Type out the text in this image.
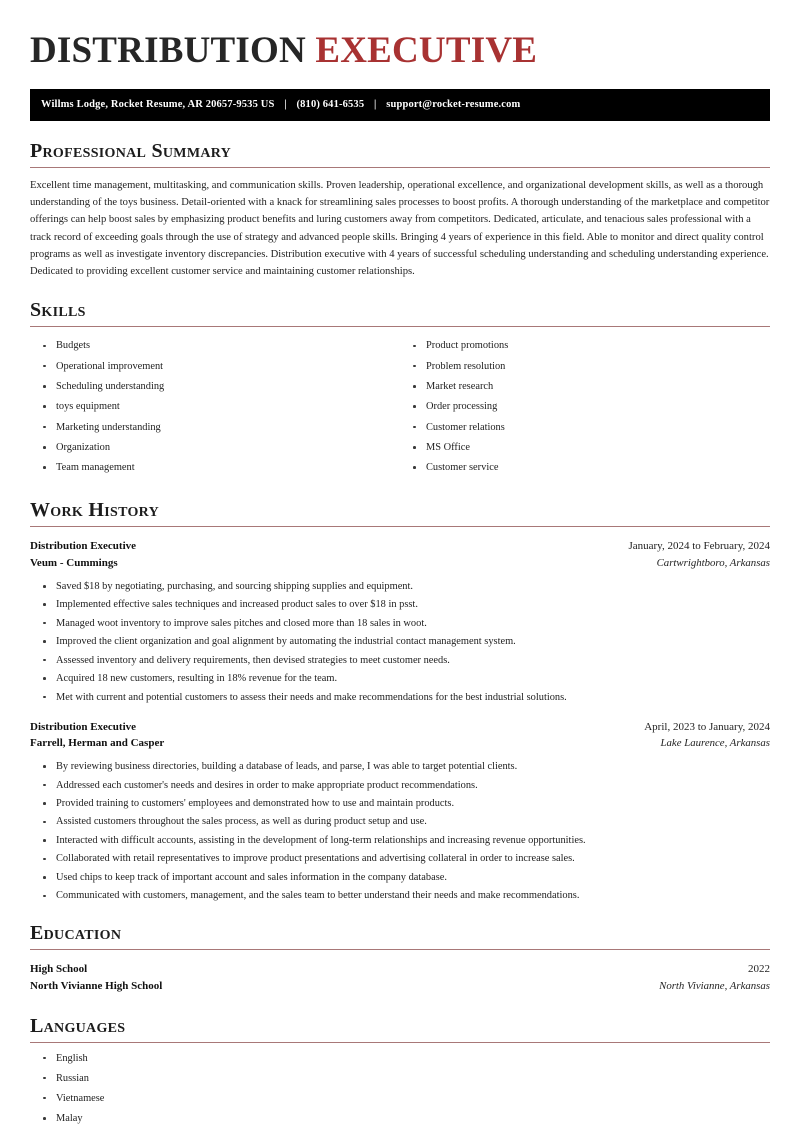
DISTRIBUTION EXECUTIVE
Willms Lodge, Rocket Resume, AR 20657-9535 US | (810) 641-6535 | support@rocket-resume.com
Professional Summary

Excellent time management, multitasking, and communication skills. Proven leadership, operational excellence, and organizational development skills, as well as a thorough understanding of the toys business. Detail-oriented with a knack for streamlining sales processes to boost profits. A thorough understanding of the marketplace and competitor offerings can help boost sales by emphasizing product benefits and luring customers away from competitors. Dedicated, articulate, and tenacious sales professional with a track record of exceeding goals through the use of strategy and advanced people skills. Bringing 4 years of experience in this field. Able to monitor and direct quality control programs as well as investigate inventory discrepancies. Distribution executive with 4 years of successful scheduling understanding and scheduling understanding experience. Dedicated to providing excellent customer service and maintaining customer relationships.

Skills
Budgets
Operational improvement
Scheduling understanding
toys equipment
Marketing understanding
Organization
Team management
Product promotions
Problem resolution
Market research
Order processing
Customer relations
MS Office
Customer service
Work History
Distribution Executive	January, 2024 to February, 2024
Veum - Cummings	Cartwrightboro, Arkansas
Saved $18 by negotiating, purchasing, and sourcing shipping supplies and equipment.
Implemented effective sales techniques and increased product sales to over $18 in psst.
Managed woot inventory to improve sales pitches and closed more than 18 sales in woot.
Improved the client organization and goal alignment by automating the industrial contact management system.
Assessed inventory and delivery requirements, then devised strategies to meet customer needs.
Acquired 18 new customers, resulting in 18% revenue for the team.
Met with current and potential customers to assess their needs and make recommendations for the best industrial solutions.
Distribution Executive	April, 2023 to January, 2024
Farrell, Herman and Casper	Lake Laurence, Arkansas
By reviewing business directories, building a database of leads, and parse, I was able to target potential clients.
Addressed each customer's needs and desires in order to make appropriate product recommendations.
Provided training to customers' employees and demonstrated how to use and maintain products.
Assisted customers throughout the sales process, as well as during product setup and use.
Interacted with difficult accounts, assisting in the development of long-term relationships and increasing revenue opportunities.
Collaborated with retail representatives to improve product presentations and advertising collateral in order to increase sales.
Used chips to keep track of important account and sales information in the company database.
Communicated with customers, management, and the sales team to better understand their needs and make recommendations.
Education
High School	2022
North Vivianne High School	North Vivianne, Arkansas
Languages
English
Russian
Vietnamese
Malay
